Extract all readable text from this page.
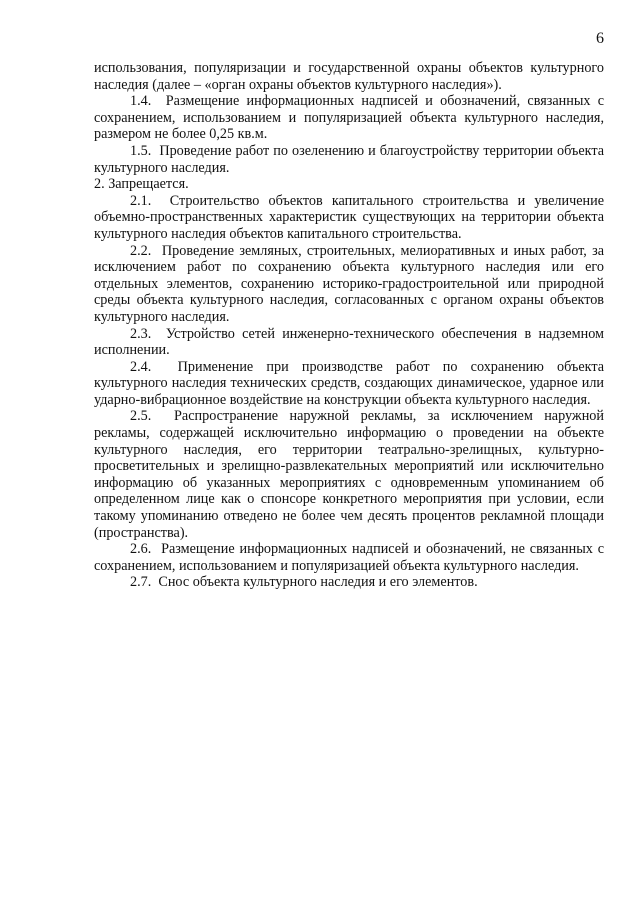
6

использования, популяризации и государственной охраны объектов культурного наследия (далее – «орган охраны объектов культурного наследия»).

1.4. Размещение информационных надписей и обозначений, связанных с сохранением, использованием и популяризацией объекта культурного наследия, размером не более 0,25 кв.м.

1.5. Проведение работ по озеленению и благоустройству территории объекта культурного наследия.

2. Запрещается.

2.1. Строительство объектов капитального строительства и увеличение объемно-пространственных характеристик существующих на территории объекта культурного наследия объектов капитального строительства.

2.2. Проведение земляных, строительных, мелиоративных и иных работ, за исключением работ по сохранению объекта культурного наследия или его отдельных элементов, сохранению историко-градостроительной или природной среды объекта культурного наследия, согласованных с органом охраны объектов культурного наследия.

2.3. Устройство сетей инженерно-технического обеспечения в надземном исполнении.

2.4. Применение при производстве работ по сохранению объекта культурного наследия технических средств, создающих динамическое, ударное или ударно-вибрационное воздействие на конструкции объекта культурного наследия.

2.5. Распространение наружной рекламы, за исключением наружной рекламы, содержащей исключительно информацию о проведении на объекте культурного наследия, его территории театрально-зрелищных, культурно-просветительных и зрелищно-развлекательных мероприятий или исключительно информацию об указанных мероприятиях с одновременным упоминанием об определенном лице как о спонсоре конкретного мероприятия при условии, если такому упоминанию отведено не более чем десять процентов рекламной площади (пространства).

2.6. Размещение информационных надписей и обозначений, не связанных с сохранением, использованием и популяризацией объекта культурного наследия.

2.7. Снос объекта культурного наследия и его элементов.
